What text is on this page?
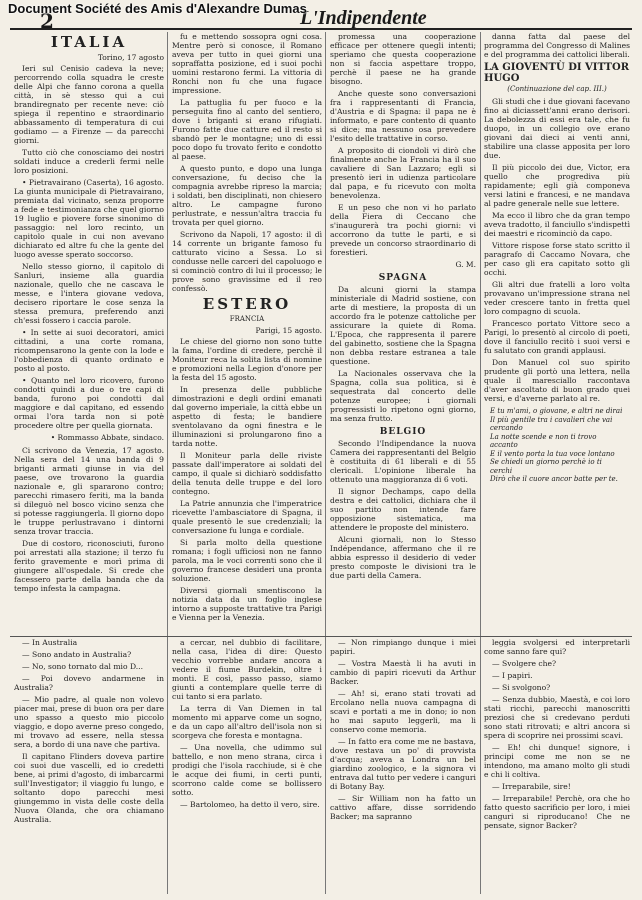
Document Société des Amis d'Alexandre Dumas
2	L'Indipendente
ITALIA
Torino, 17 agosto

Ieri sul Cenisio cadeva la neve; percorrendo colla squadra le creste delle Alpi che fanno corona a quella città, in sè stesso qui a cui brandiregnato per recente neve: ciò spiega il repentino e straordinario abbassamento di temperatura di cui godiamo — a Firenze — da parecchi giorni.

Tutto ciò che conosciamo dei nostri soldati induce a crederli fermi nelle loro posizioni.

• Pietravairano (Caserta), 16 agosto. La giunta municipale di Pietravairano, premiata dal vicinato, senza proporre a fede e testimonianza che quel giorno 19 luglio e piovere forse sinonimo di passaggio: nel loro recinto, un capitolo quale in cui non avevano dichiarato ed altre fu che la gente del luogo avesse sperato soccorso.

Nello stesso giorno, il capitolo di Sanluri, insieme alla guardia nazionale, quello che ne cascava le messe, e l'intera giovane vedova, decisero riportare le cose senza la stessa premura, preferendo anzi ch'essi fossero i caccia parole.

• In sette ai suoi decoratori, amici cittadini, a una corte romana, ricompensarono la gente con la lode e l'obbedienza di quanto ordinato e posto al posto.

• Quanto nel loro ricovero, furono condotti quindi a due o tre capi di banda, furono poi condotti dal maggiore e dal capitano, ed essendo ormai l'ora tarda non si potè procedere oltre per quella giornata.

• Rommasso Abbate, sindaco.

Ci scrivono da Venezia, 17 agosto. Nella sera del 14 una banda di 9 briganti armati giunse in via del paese, ove trovarono la guardia nazionale e, gli spararono contro; parecchi rimasero feriti, ma la banda si dileguò nel bosco vicino senza che si potesse raggiungerla. Il giorno dopo le truppe perlustravano i dintorni senza trovar traccia.

Due di costoro, riconosciuti, furono poi arrestati alla stazione; il terzo fu ferito gravemente e morì prima di giungere all'ospedale. Si crede che facessero parte della banda che da tempo infesta la campagna.

— In Australia

— Sono andato in Australia?

— No, sono tornato dal mio D...

— Poi dovevo andarmene in Australia?

— Mio padre, al quale non volevo piacer mai, prese di buon ora per dare uno spasso a questo mio piccolo viaggio, e dopo averne preso congedo, mi trovavo ad essere, nella stessa sera, a bordo di una nave che partiva.

Il capitano Flinders doveva partire coi suoi due vascelli, ed io credetti bene, ai primi d'agosto, di imbarcarmi sull'Investigator; il viaggio fu lungo, e soltanto dopo parecchi mesi giungemmo in vista delle coste della Nuova Olanda, che ora chiamano Australia.

fu e mettendo sossopra ogni cosa. Mentre però si conosce, il Romano aveva per tutto in quei giorni una sopraffatta posizione, ed i suoi pochi uomini restarono fermi. La vittoria di Ronchi non fu che una fugace impressione.

La pattuglia fu per fuoco e la perseguita fino al canto del sentiero, dove i briganti si erano rifugiati. Furono fatte due catture ed il resto si sbandò per le montagne; uno di essi poco dopo fu trovato ferito e condotto al paese.

A questo punto, e dopo una lunga conversazione, fu deciso che la compagnia avrebbe ripreso la marcia; i soldati, ben disciplinati, non chiesero altro. Le campagne furono perlustrate, e nessun'altra traccia fu trovata per quel giorno.

Scrivono da Napoli, 17 agosto: il dì 14 corrente un brigante famoso fu catturato vicino a Sessa. Lo si condusse nelle carceri del capoluogo e si cominciò contro di lui il processo; le prove sono gravissime ed il reo confessò.

ESTERO
FRANCIA
Parigi, 15 agosto.

Le chiese del giorno non sono tutte la fama, l'ordine di credere, perchè il Moniteur reca la solita lista di nomine e promozioni nella Legion d'onore per la festa del 15 agosto.

In presenza delle pubbliche dimostrazioni e degli ordini emanati dal governo imperiale, la città ebbe un aspetto di festa; le bandiere sventolavano da ogni finestra e le illuminazioni si prolungarono fino a tarda notte.

Il Moniteur parla delle riviste passate dall'imperatore ai soldati del campo, il quale si dichiarò soddisfatto della tenuta delle truppe e del loro contegno.

La Patrie annunzia che l'imperatrice ricevette l'ambasciatore di Spagna, il quale presentò le sue credenziali; la conversazione fu lunga e cordiale.

Si parla molto della questione romana; i fogli ufficiosi non ne fanno parola, ma le voci correnti sono che il governo francese desideri una pronta soluzione.

Diversi giornali smentiscono la notizia data da un foglio inglese intorno a supposte trattative tra Parigi e Vienna per la Venezia.

a cercar, nel dubbio di facilitare, nella casa, l'idea di dire: Questo vecchio vorrebbe andare ancora a vedere il fiume Burdekin, oltre i monti. E così, passo passo, siamo giunti a contemplare quelle terre di cui tanto si era parlato.

La terra di Van Diemen in tal momento mi apparve come un sogno, e da un capo all'altro dell'isola non si scorgeva che foresta e montagna.

— Una novella, che udimmo sul battello, e non meno strana, circa i prodigi che l'isola racchiude, si è che le acque dei fiumi, in certi punti, scorrono calde come se bollissero sotto.

— Bartolomeo, ha detto il vero, sire.

promessa una cooperazione efficace per ottenere quegli intenti; speriamo che questa cooperazione non si faccia aspettare troppo, perchè il paese ne ha grande bisogno.

Anche queste sono conversazioni fra i rappresentanti di Francia, d'Austria e di Spagna: il papa ne è informato, e pare contento di quanto si dice; ma nessuno osa prevedere l'esito delle trattative in corso.

A proposito di ciondoli vi dirò che finalmente anche la Francia ha il suo cavaliere di San Lazzaro; egli si presentò ieri in udienza particolare dal papa, e fu ricevuto con molta benevolenza.

E un peso che non vi ho parlato della Fiera di Ceccano che s'inaugurerà tra pochi giorni: vi accorrono da tutte le parti, e si prevede un concorso straordinario di forestieri.

G. M.
SPAGNA

Da alcuni giorni la stampa ministeriale di Madrid sostiene, con arte di mestiere, la proposta di un accordo fra le potenze cattoliche per assicurare la quiete di Roma. L'Epoca, che rappresenta il parere del gabinetto, sostiene che la Spagna non debba restare estranea a tale questione.

La Nacionales osservava che la Spagna, colla sua politica, si è sequestrata dal concerto delle potenze europee; i giornali progressisti lo ripetono ogni giorno, ma senza frutto.

BELGIO

Secondo l'Indipendance la nuova Camera dei rappresentanti del Belgio è costituita di 61 liberali e di 55 clericali. L'opinione liberale ha ottenuto una maggioranza di 6 voti.

Il signor Dechamps, capo della destra e dei cattolici, dichiara che il suo partito non intende fare opposizione sistematica, ma attendere le proposte del ministero.

Alcuni giornali, non lo Stesso Indépendance, affermano che il re abbia espresso il desiderio di veder presto composte le divisioni tra le due parti della Camera.

— Non rimpiango dunque i miei papiri.

— Vostra Maestà li ha avuti in cambio di papiri ricevuti da Arthur Backer.

— Ah! si, erano stati trovati ad Ercolano nella nuova campagna di scavi e portati a me in dono; io non ho mai saputo leggerli, ma li conservo come memoria.

— In fatto era come me ne bastava, dove restava un po' di provvista d'acqua; aveva a Londra un bel giardino zoologico, e la signora vi entrava dal tutto per vedere i canguri di Botany Bay.

— Sir William non ha fatto un cattivo affare, disse sorridendo Backer; ma sapranno

danna fatta dal paese del programma del Congresso di Malines e del programma dei cattolici liberali.

LA GIOVENTÙ DI VITTOR HUGO
(Continuazione del cap. III.)

Gli studi che i due giovani facevano fino ai diciassett'anni erano derisori. La debolezza di essi era tale, che fu duopo, in un collegio ove erano giovani dai dieci ai venti anni, stabilire una classe apposita per loro due.

Il più piccolo dei due, Victor, era quello che progrediva più rapidamente; egli già componeva versi latini e francesi, e ne mandava al padre generale nelle sue lettere.

Ma ecco il libro che da gran tempo aveva tradotto, il fanciullo s'indispettì dei maestri e ricominciò da capo.

Vittore rispose forse stato scritto il paragrafo di Caccamo Novara, che per caso gli era capitato sotto gli occhi.

Gli altri due fratelli a loro volta provavano un'impressione strana nel veder crescere tanto in fretta quel loro compagno di scuola.

Francesco portato Vittore seco a Parigi, lo presentò al circolo di poeti, dove il fanciullo recitò i suoi versi e fu salutato con grandi applausi.

Don Manuel col suo spirito prudente gli portò una lettera, nella quale il maresciallo raccontava d'aver ascoltato di buon grado quei versi, e d'averne parlato al re.

E tu m'ami, o giovane, e altri ne dirai
Il più gentile tra i cavalieri che vai cercando
La notte scende e non ti trovo accanto
E il vento porta la tua voce lontano
Se chiedi un giorno perchè io ti cerchi
Dirò che il cuore ancor batte per te.

leggia svolgersi ed interpretarli come sanno fare qui?

— Svolgere che?

— I papiri.

— Si svolgono?

— Senza dubbio, Maestà, e coi loro stati ricchi, parecchi manoscritti preziosi che si credevano perduti sono stati ritrovati; e altri ancora si spera di scoprire nei prossimi scavi.

— Eh! chi dunque! signore, i principi come me non se ne intendono, ma amano molto gli studi e chi li coltiva.

— Irreparabile, sire!

— Irreparabile! Perchè, ora che ho fatto questo sacrificio per loro, i miei canguri si riproducano! Che ne pensate, signor Backer?
